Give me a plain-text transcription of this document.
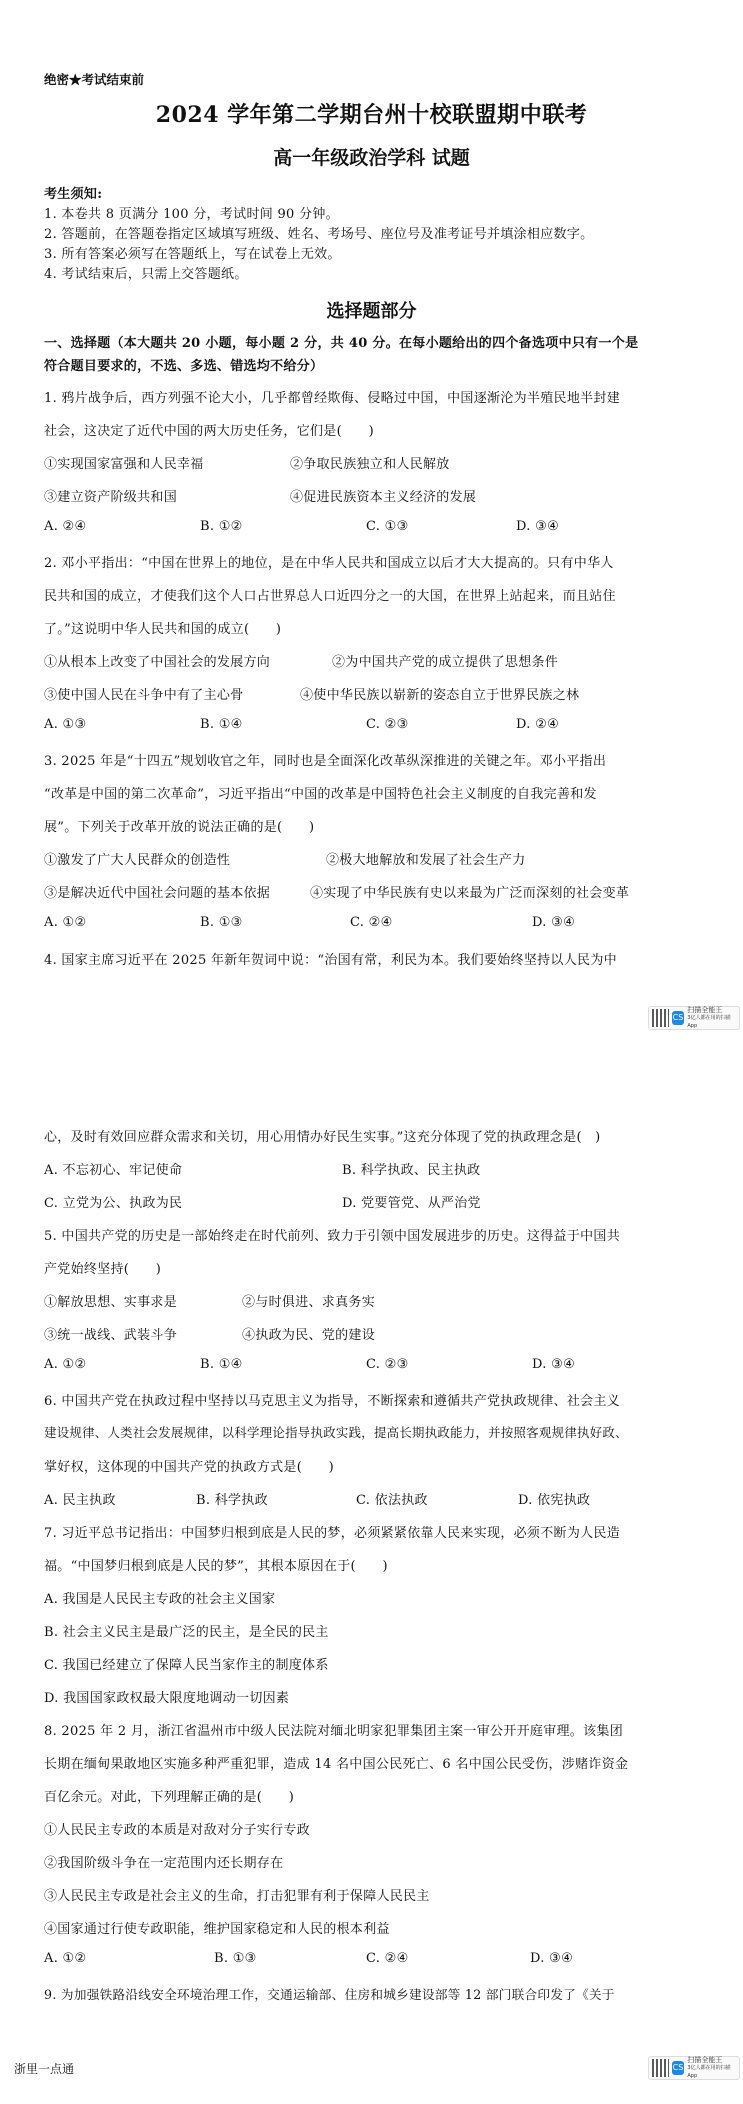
绝密★考试结束前
2024 学年第二学期台州十校联盟期中联考
高一年级政治学科 试题
考生须知:
1. 本卷共 8 页满分 100 分，考试时间 90 分钟。
2. 答题前，在答题卷指定区域填写班级、姓名、考场号、座位号及准考证号并填涂相应数字。
3. 所有答案必须写在答题纸上，写在试卷上无效。
4. 考试结束后，只需上交答题纸。
选择题部分
一、选择题（本大题共 20 小题，每小题 2 分，共 40 分。在每小题给出的四个备选项中只有一个是
符合题目要求的，不选、多选、错选均不给分）
1. 鸦片战争后，西方列强不论大小，几乎都曾经欺侮、侵略过中国，中国逐渐沦为半殖民地半封建
社会，这决定了近代中国的两大历史任务，它们是(　　)
①实现国家富强和人民幸福	②争取民族独立和人民解放
③建立资产阶级共和国	④促进民族资本主义经济的发展
A. ②④	B. ①②	C. ①③	D. ③④
2. 邓小平指出：“中国在世界上的地位，是在中华人民共和国成立以后才大大提高的。只有中华人
民共和国的成立，才使我们这个人口占世界总人口近四分之一的大国，在世界上站起来，而且站住
了。”这说明中华人民共和国的成立(　　)
①从根本上改变了中国社会的发展方向	②为中国共产党的成立提供了思想条件
③使中国人民在斗争中有了主心骨	④使中华民族以崭新的姿态自立于世界民族之林
A. ①③	B. ①④	C. ②③	D. ②④
3. 2025 年是“十四五”规划收官之年，同时也是全面深化改革纵深推进的关键之年。邓小平指出
“改革是中国的第二次革命”，习近平指出“中国的改革是中国特色社会主义制度的自我完善和发
展”。下列关于改革开放的说法正确的是(　　)
①激发了广大人民群众的创造性	②极大地解放和发展了社会生产力
③是解决近代中国社会问题的基本依据	④实现了中华民族有史以来最为广泛而深刻的社会变革
A. ①②	B. ①③	C. ②④	D. ③④
4. 国家主席习近平在 2025 年新年贺词中说：“治国有常，利民为本。我们要始终坚持以人民为中
CS
扫描全能王
3亿人都在用的扫描App
心，及时有效回应群众需求和关切，用心用情办好民生实事。”这充分体现了党的执政理念是(　)
A. 不忘初心、牢记使命	B. 科学执政、民主执政
C. 立党为公、执政为民	D. 党要管党、从严治党
5. 中国共产党的历史是一部始终走在时代前列、致力于引领中国发展进步的历史。这得益于中国共
产党始终坚持(　　)
①解放思想、实事求是	②与时俱进、求真务实
③统一战线、武装斗争	④执政为民、党的建设
A. ①②	B. ①④	C. ②③	D. ③④
6. 中国共产党在执政过程中坚持以马克思主义为指导，不断探索和遵循共产党执政规律、社会主义
建设规律、人类社会发展规律，以科学理论指导执政实践，提高长期执政能力，并按照客观规律执好政、
掌好权，这体现的中国共产党的执政方式是(　　)
A. 民主执政	B. 科学执政	C. 依法执政	D. 依宪执政
7. 习近平总书记指出：中国梦归根到底是人民的梦，必须紧紧依靠人民来实现，必须不断为人民造
福。“中国梦归根到底是人民的梦”，其根本原因在于(　　)
A. 我国是人民民主专政的社会主义国家
B. 社会主义民主是最广泛的民主，是全民的民主
C. 我国已经建立了保障人民当家作主的制度体系
D. 我国国家政权最大限度地调动一切因素
8. 2025 年 2 月，浙江省温州市中级人民法院对缅北明家犯罪集团主案一审公开开庭审理。该集团
长期在缅甸果敢地区实施多种严重犯罪，造成 14 名中国公民死亡、6 名中国公民受伤，涉赌诈资金
百亿余元。对此，下列理解正确的是(　　)
①人民民主专政的本质是对敌对分子实行专政
②我国阶级斗争在一定范围内还长期存在
③人民民主专政是社会主义的生命，打击犯罪有利于保障人民民主
④国家通过行使专政职能，维护国家稳定和人民的根本利益
A. ①②	B. ①③	C. ②④	D. ③④
9. 为加强铁路沿线安全环境治理工作，交通运输部、住房和城乡建设部等 12 部门联合印发了《关于
浙里一点通	CS
扫描全能王
3亿人都在用的扫描App
